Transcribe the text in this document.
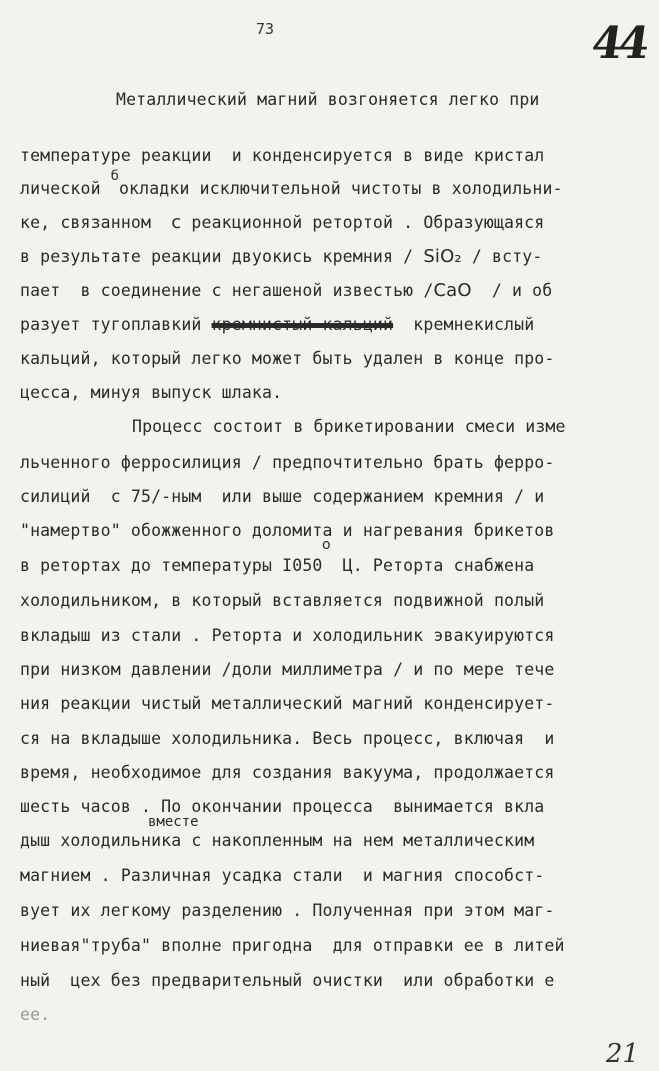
73	44
Металлический магний возгоняется легко при
температуре реакции  и конденсируется в виде кристал
лической $^б$окладки исключительной чистоты в холодильни-
ке, связанном  с реакционной ретортой . Образующаяся
в результате реакции двуокись кремния / SiO₂ / всту-
пает  в соединение с негашеной известью /CaO  / и об
разует тугоплавкий кремнистый кальций  кремнекислый
кальций, который легко может быть удален в конце про-
цесса, минуя выпуск шлака.
Процесс состоит в брикетировании смеси изме
льченного ферросилиция / предпочтительно брать ферро-
силиций  с 75/-ным  или выше содержанием кремния / и
"намертво" обожженного доломита и нагревания брикетов
о
в ретортах до температуры I050  Ц. Реторта снабжена
холодильником, в который вставляется подвижной полый
вкладыш из стали . Реторта и холодильник эвакуируются
при низком давлении /доли миллиметра / и по мере тече
ния реакции чистый металлический магний конденсирует-
ся на вкладыше холодильника. Весь процесс, включая  и
время, необходимое для создания вакуума, продолжается
шесть часов . По окончании процесса  вынимается вкла
вместе
дыш холодильника с накопленным на нем металлическим
магнием . Различная усадка стали  и магния способст-
вует их легкому разделению . Полученная при этом маг-
ниевая"труба" вполне пригодна  для отправки ее в литей
ный  цех без предварительный очистки  или обработки е
ее.
21
